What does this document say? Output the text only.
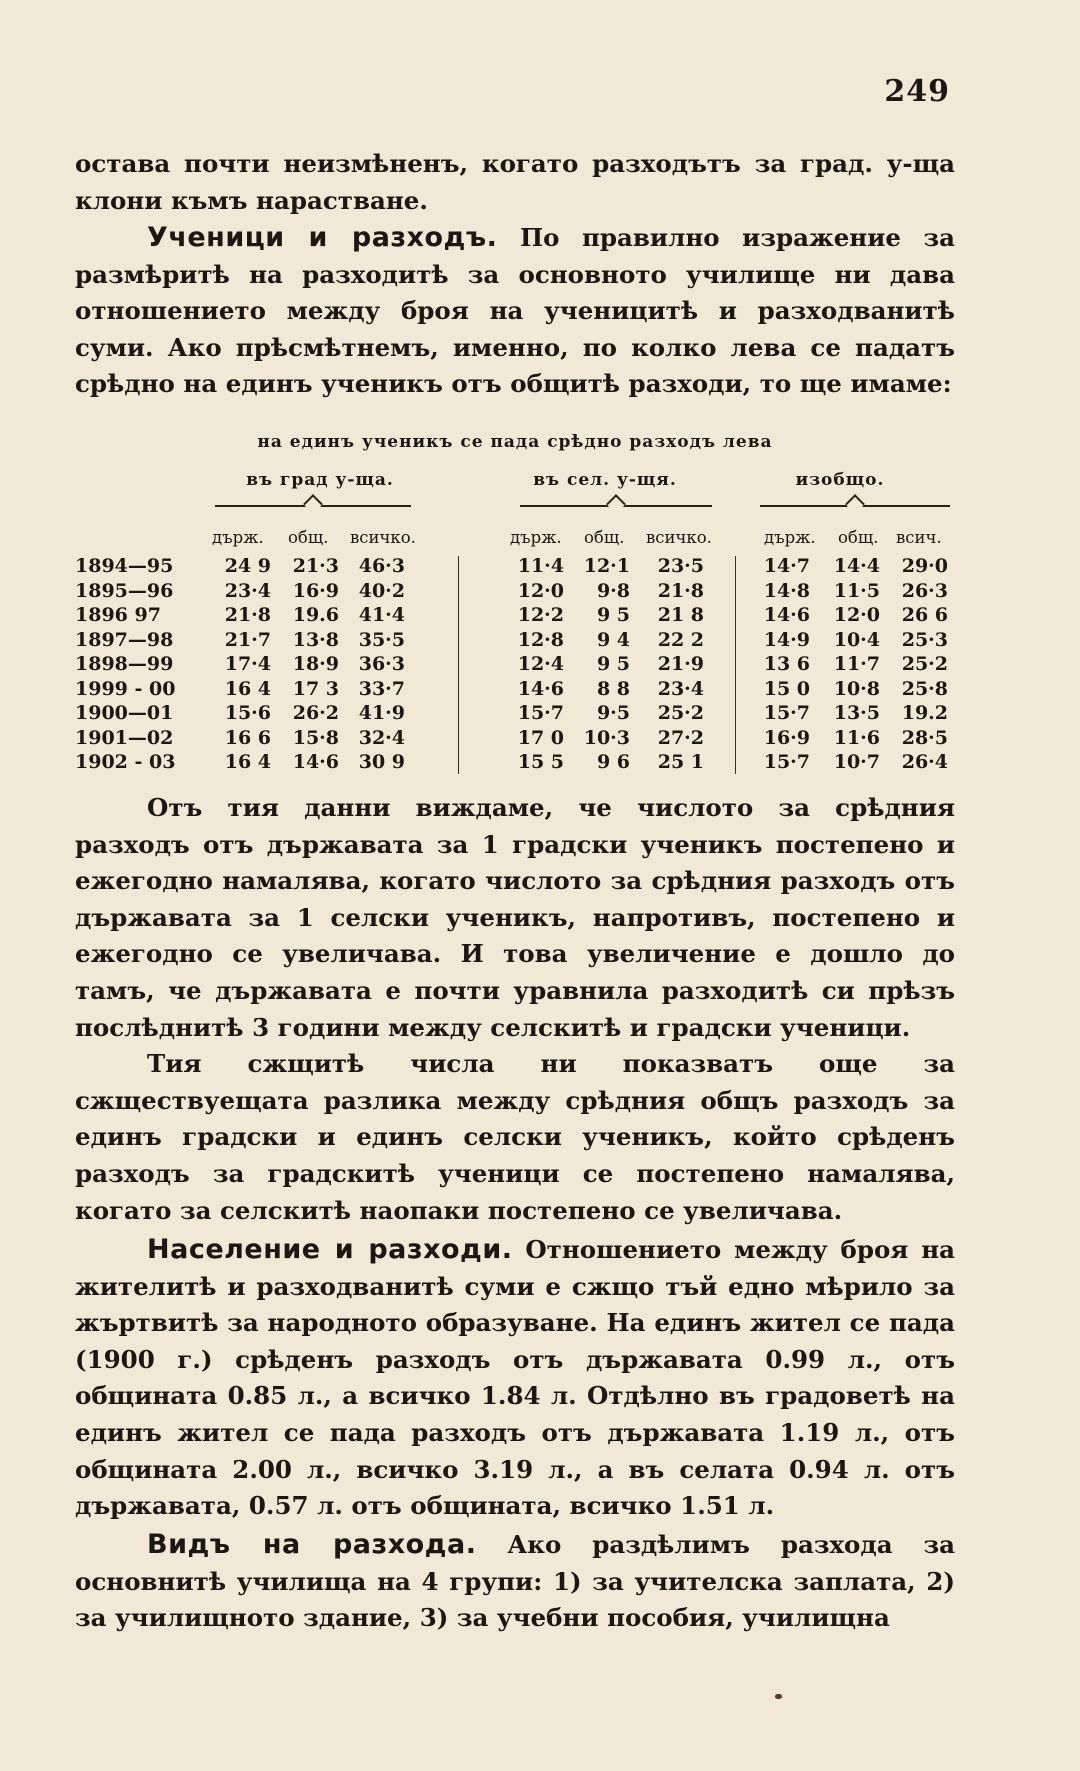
249

остава почти неизмѣненъ, когато разходътъ за град. у-ща клони къмъ нарастване.

Ученици и разходъ. По правилно изражение за размѣритѣ на разходитѣ за основното училище ни дава отношението между броя на ученицитѣ и разходванитѣ суми. Ако прѣсмѣтнемъ, именно, по колко лева се падатъ срѣдно на единъ ученикъ отъ общитѣ разходи, то ще имаме:

на единъ ученикъ се пада срѣдно разходъ лева
въ град у-ща.	въ сел. у-щя.	изобщо.
държ. общ. всичко.	държ. общ. всичко.	държ. общ. всич.
1894—95	24 9	21·3	46·3		11·4	12·1	23·5		14·7	14·4	29·0
1895—96	23·4	16·9	40·2		12·0	9·8	21·8		14·8	11·5	26·3
1896 97	21·8	19.6	41·4		12·2	9 5	21 8		14·6	12·0	26 6
1897—98	21·7	13·8	35·5		12·8	9 4	22 2		14·9	10·4	25·3
1898—99	17·4	18·9	36·3		12·4	9 5	21·9		13 6	11·7	25·2
1999 - 00	16 4	17 3	33·7		14·6	8 8	23·4		15 0	10·8	25·8
1900—01	15·6	26·2	41·9		15·7	9·5	25·2		15·7	13·5	19.2
1901—02	16 6	15·8	32·4		17 0	10·3	27·2		16·9	11·6	28·5
1902 - 03	16 4	14·6	30 9		15 5	9 6	25 1		15·7	10·7	26·4

Отъ тия данни виждаме, че числото за срѣдния разходъ отъ държавата за 1 градски ученикъ постепено и ежегодно намалява, когато числото за срѣдния разходъ отъ държавата за 1 селски ученикъ, напротивъ, постепено и ежегодно се увеличава. И това увеличение е дошло до тамъ, че държавата е почти уравнила разходитѣ си прѣзъ послѣднитѣ 3 години между селскитѣ и градски ученици.

Тия сжщитѣ числа ни показватъ още за сжществуещата разлика между срѣдния общъ разходъ за единъ градски и единъ селски ученикъ, който срѣденъ разходъ за градскитѣ ученици се постепено намалява, когато за селскитѣ наопаки постепено се увеличава.

Население и разходи. Отношението между броя на жителитѣ и разходванитѣ суми е сжщо тъй едно мѣрило за жъртвитѣ за народното образуване. На единъ жител се пада (1900 г.) срѣденъ разходъ отъ държавата 0.99 л., отъ общината 0.85 л., а всичко 1.84 л. Отдѣлно въ градоветѣ на единъ жител се пада разходъ отъ държавата 1.19 л., отъ общината 2.00 л., всичко 3.19 л., а въ селата 0.94 л. отъ държавата, 0.57 л. отъ общината, всичко 1.51 л.

Видъ на разхода. Ако раздѣлимъ разхода за основнитѣ училища на 4 групи: 1) за учителска заплата, 2) за училищното здание, 3) за учебни пособия, училищна
